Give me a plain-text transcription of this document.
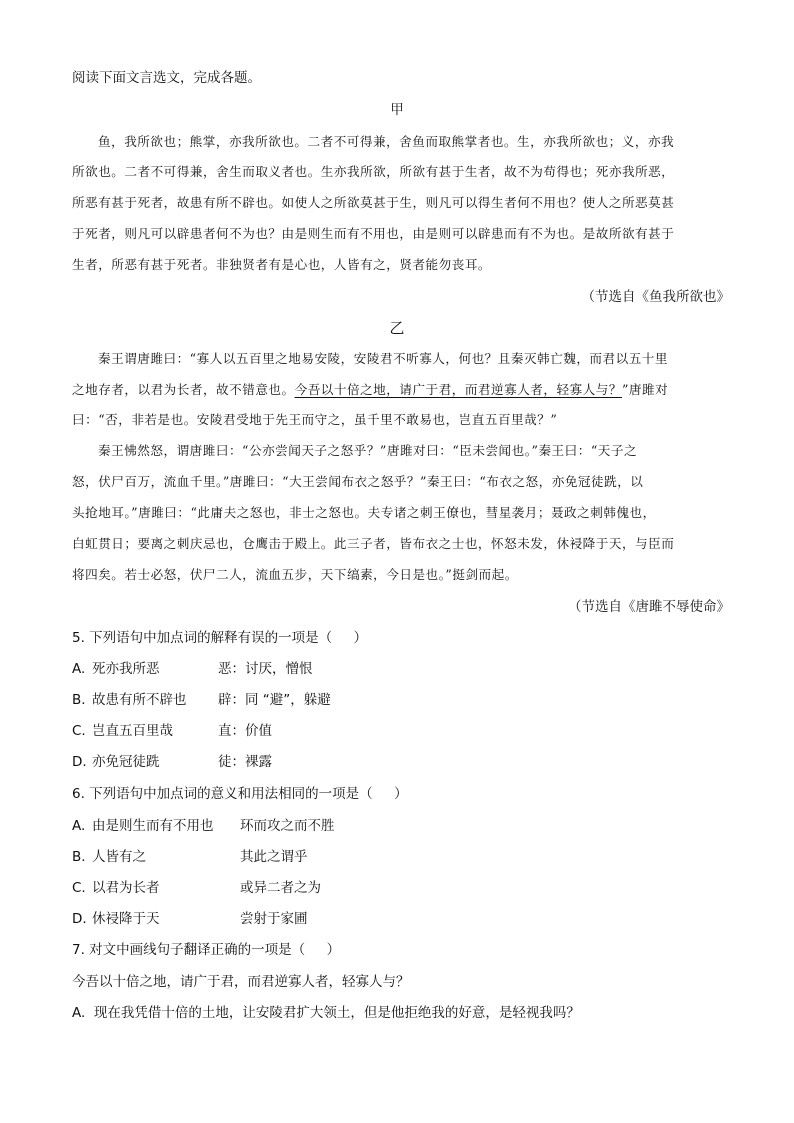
阅读下面文言选文，完成各题。
甲
鱼，我所欲也；熊掌，亦我所欲也。二者不可得兼，舍鱼而取熊掌者也。生，亦我所欲也；义，亦我
所欲也。二者不可得兼，舍生而取义者也。生亦我所欲，所欲有甚于生者，故不为苟得也；死亦我所恶，
所恶有甚于死者，故患有所不辟也。如使人之所欲莫甚于生，则凡可以得生者何不用也？使人之所恶莫甚
于死者，则凡可以辟患者何不为也？由是则生而有不用也，由是则可以辟患而有不为也。是故所欲有甚于
生者，所恶有甚于死者。非独贤者有是心也，人皆有之，贤者能勿丧耳。
（节选自《鱼我所欲也》
乙
秦王谓唐雎曰：“寡人以五百里之地易安陵，安陵君不听寡人，何也？且秦灭韩亡魏，而君以五十里
之地存者，以君为长者，故不错意也。今吾以十倍之地，请广于君，而君逆寡人者，轻寡人与？”唐雎对
曰：“否，非若是也。安陵君受地于先王而守之，虽千里不敢易也，岂直五百里哉？”
秦王怫然怒，谓唐雎曰：“公亦尝闻天子之怒乎？”唐雎对曰：“臣未尝闻也。”秦王曰：“天子之
怒，伏尸百万，流血千里。”唐雎曰：“大王尝闻布衣之怒乎？”秦王曰：“布衣之怒，亦免冠徒跣，以
头抢地耳。”唐雎曰：“此庸夫之怒也，非士之怒也。夫专诸之刺王僚也，彗星袭月；聂政之刺韩傀也，
白虹贯日；要离之刺庆忌也，仓鹰击于殿上。此三子者，皆布衣之士也，怀怒未发，休祲降于天，与臣而
将四矣。若士必怒，伏尸二人，流血五步，天下缟素，今日是也。”挺剑而起。
（节选自《唐雎不辱使命》
5. 下列语句中加点词的解释有误的一项是（     ）
A. 死亦我所恶	恶：讨厌，憎恨
B. 故患有所不辟也 辟：同 “避”，躲避
C. 岂直五百里哉	直：价值
D. 亦免冠徒跣	徒：裸露
6. 下列语句中加点词的意义和用法相同的一项是（     ）
A. 由是则生而有不用也 环而攻之而不胜
B. 人皆有之	其此之谓乎
C. 以君为长者	或异二者之为
D. 休祲降于天	尝射于家圃
7. 对文中画线句子翻译正确的一项是（     ）
今吾以十倍之地，请广于君，而君逆寡人者，轻寡人与？
A.  现在我凭借十倍的土地，让安陵君扩大领土，但是他拒绝我的好意，是轻视我吗？
